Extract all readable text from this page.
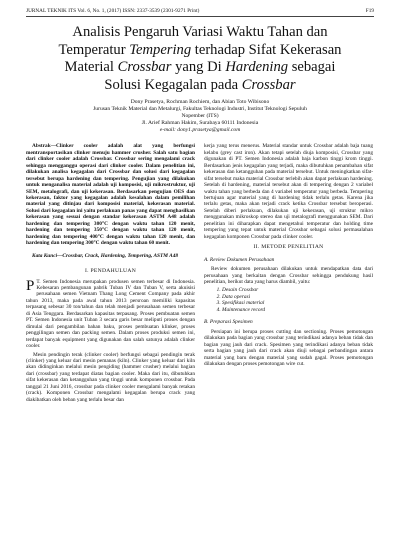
JURNAL TEKNIK ITS Vol. 6, No. 1, (2017) ISSN: 2337-3539 (2301-9271 Print)	F19
Analisis Pengaruh Variasi Waktu Tahan dan
Temperatur Tempering terhadap Sifat Kekerasan
Material Crossbar yang Di Hardening sebagai
Solusi Kegagalan pada Crossbar
Dony Prasetya, Rochman Rochiem, dan Abian Toto Wibisono
Jurusan Teknik Material dan Metalurgi, Fakultas Teknologi Industri, Institut Teknologi Sepuluh
Nopember (ITS)
Jl. Arief Rahman Hakim, Surabaya 60111 Indonesia
e-mail: dony1.prasetya@gmail.com

Abstrak—Clinker cooler adalah alat yang berfungsi mentransportasikan clinker menuju hammer crusher. Salah satu bagian dari clinker cooler adalah Crossbar. Crossbar sering mengalami crack sehingga mengganggu operasi dari clinker cooler. Dalam penelitian ini, dilakukan analisa kegagalan dari Crossbar dan solusi dari kegagalan tersebut berupa hardening dan tempering. Pengujian yang dilakukan untuk menganalisa material adalah uji komposisi, uji mikrostruktur, uji SEM, metalografi, dan uji kekerasan. Berdasarkan pengujian OES dan kekerasan, faktor yang kegagalan adalah kesalahan dalam pemilihan material yang ditinjau dari komposisi material, kekerasan material. Solusi dari kegagalan ini yaitu perlakuan panas yang dapat menghasilkan kekerasan yang sesuai dengan standar kekerasan ASTM A48 adalah hardening dan tempering 300°C dengan waktu tahan 120 menit, hardening dan tempering 350°C dengan waktu tahan 120 menit, hardening dan tempering 400°C dengan waktu tahan 120 menit, dan hardening dan tempering 300°C dengan waktu tahan 60 menit.

Kata Kunci—Crossbar, Crack, Hardening, Tempering, ASTM A48

I. PENDAHULUAN

P T. Semen Indonesia merupakan produsen semen terbesar di Indonesia. Kebesaran pembangunan pabrik Tuban IV dan Tuban V, serta akuisisi perusahaan semen Vietnam Thang Long Cement Company pada akhir tahun 2013, maka pada awal tahun 2013 persroan memiliki kapasitas terpasang sebesar 30 ton/tahun dan telah menjadi perusahaan semen terbesar di Asia Tenggara. Berdasarkan kapasitas terpasang. Proses pembuatan semen PT. Semen Indonesia unit Tuban 3 secara garis besar meliputi proses dengan dimulai dari pengambilan bahan baku, proses pembuatan klinker, proses penggilingan semen dan packing semen. Dalam proses produksi semen ini, terdapat banyak equipment yang digunakan dan salah satunya adalah clinker cooler.

Mesin pendingin terak (clinker cooler) berfungsi sebagai pendingin terak (clinker) yang keluar dari mesin pemanas (kiln). Clinker yang keluar dari kiln akan didinginkan melalui mesin pengiding (hammer crusher) melalui bagian dari (crossbar) yang terdapat diatas bagian cooler. Maka dari itu, dibutuhkan sifat kekerasan dan ketangguhan yang tinggi untuk komponen crossbar. Pada tanggal 21 Juni 2016, crossbar pada clinker cooler mengalami banyak retakan (crack). Komponen Crossbar mengalami kegagalan berupa crack yang diakibatkan oleh beban yang terlalu besar dan

kerja yang terus menerus. Material standar untuk Crossbar adalah baja tuang kelabu (grey cast iron). Akan tetapi setelah diuja komposisi, Crossbar yang digunakan di PT. Semen Indonesia adalah baja karbon tinggi krom tinggi. Berdasarkan jenis kegagalan yang terjadi, maka dibutuhkan penambahan sifat kekerasan dan ketangguhan pada material tersebut. Untuk meningkatkan sifat-sifat tersebut maka material Crossbar terlebih akan dapat perlakuan hardening. Setelah di hardening, material tersebut akan di tempering dengan 2 variabel waktu tahan yang berbeda dan 4 variabel temperatur yang berbeda. Tempering bertujuan agar material yang di hardening tidak terlalu getas. Karena jika terlalu getas, maka akan terjadi crack ketika Crossbar tersebut beroperasi. Setelah diberi perlakuan, dilakukan uji kekerasan, uji struktur mikro menggunakan mikroskop stereo dan uji metalografi menggunakan SEM. Dari penelitian ini diharapkan dapat mengetahui temperatur dan holding time tempering yang tepat untuk material Crossbar sebagai solusi permasalahan kegagalan komponen Crossbar pada clinker cooler.

II. METODE PENELITIAN
A. Review Dokumen Perusahaan

Review dokumen perusahaan dilakukan untuk mendapatkan data dari perusahaan yang berkaitan dengan Crossbar sehingga pendukung hasil penelitian, berikut data yang harus diambil, yaitu:

1. Desain Crossbar
2. Data operasi
3. Spesifikasi material
4. Maintenance record
B. Preparasi Spesimen

Persiapan ini berupa proses cutting dan sectioning. Proses pemotongan dilakukan pada bagian yang crossbar yang terindikasi adanya beban tidak dan bagian yang jauh dari crack. Spesimen yang terindikasi adanya beban tidak serta bagian yang jauh dari crack akan diuji sebagai perbandingan antara material yang baru dengan material yang sudah gagal. Proses pemotongan dilakukan dengan proses pemotongan wire cut.
